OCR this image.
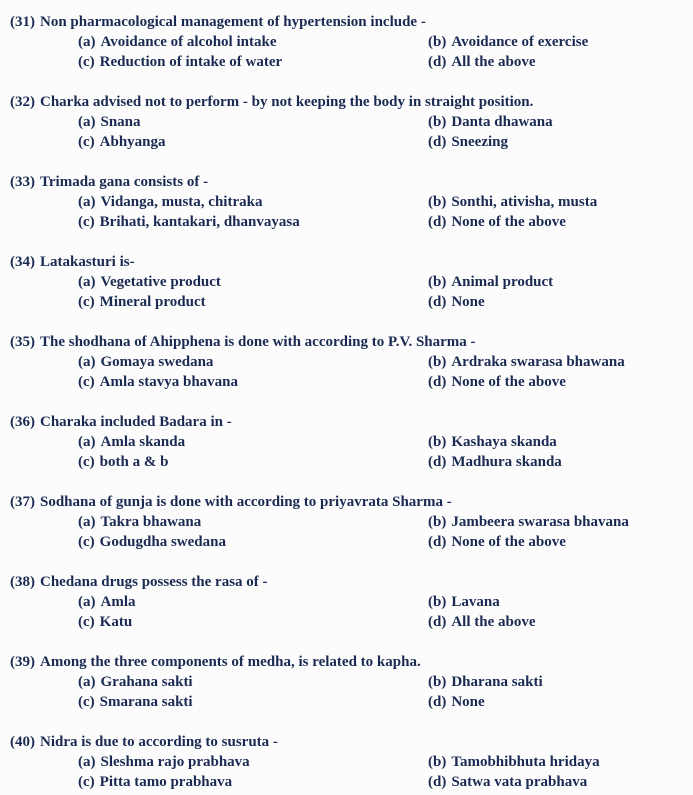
(31) Non pharmacological management of hypertension include -
(a) Avoidance of alcohol intake	(b) Avoidance of exercise
(c) Reduction of intake of water	(d) All the above
(32) Charka advised not to perform - by not keeping the body in straight position.
(a) Snana	(b) Danta dhawana
(c) Abhyanga	(d) Sneezing
(33) Trimada gana consists of -
(a) Vidanga, musta, chitraka	(b) Sonthi, ativisha, musta
(c) Brihati, kantakari, dhanvayasa	(d) None of the above
(34) Latakasturi is-
(a) Vegetative product	(b) Animal product
(c) Mineral product	(d) None
(35) The shodhana of Ahipphena is done with according to P.V. Sharma -
(a) Gomaya swedana	(b) Ardraka swarasa bhawana
(c) Amla stavya bhavana	(d) None of the above
(36) Charaka included Badara in -
(a) Amla skanda	(b) Kashaya skanda
(c) both a & b	(d) Madhura skanda
(37) Sodhana of gunja is done with according to priyavrata Sharma -
(a) Takra bhawana	(b) Jambeera swarasa bhavana
(c) Godugdha swedana	(d) None of the above
(38) Chedana drugs possess the rasa of -
(a) Amla	(b) Lavana
(c) Katu	(d) All the above
(39) Among the three components of medha, is related to kapha.
(a) Grahana sakti	(b) Dharana sakti
(c) Smarana sakti	(d) None
(40) Nidra is due to according to susruta -
(a) Sleshma rajo prabhava	(b) Tamobhibhuta hridaya
(c) Pitta tamo prabhava	(d) Satwa vata prabhava
